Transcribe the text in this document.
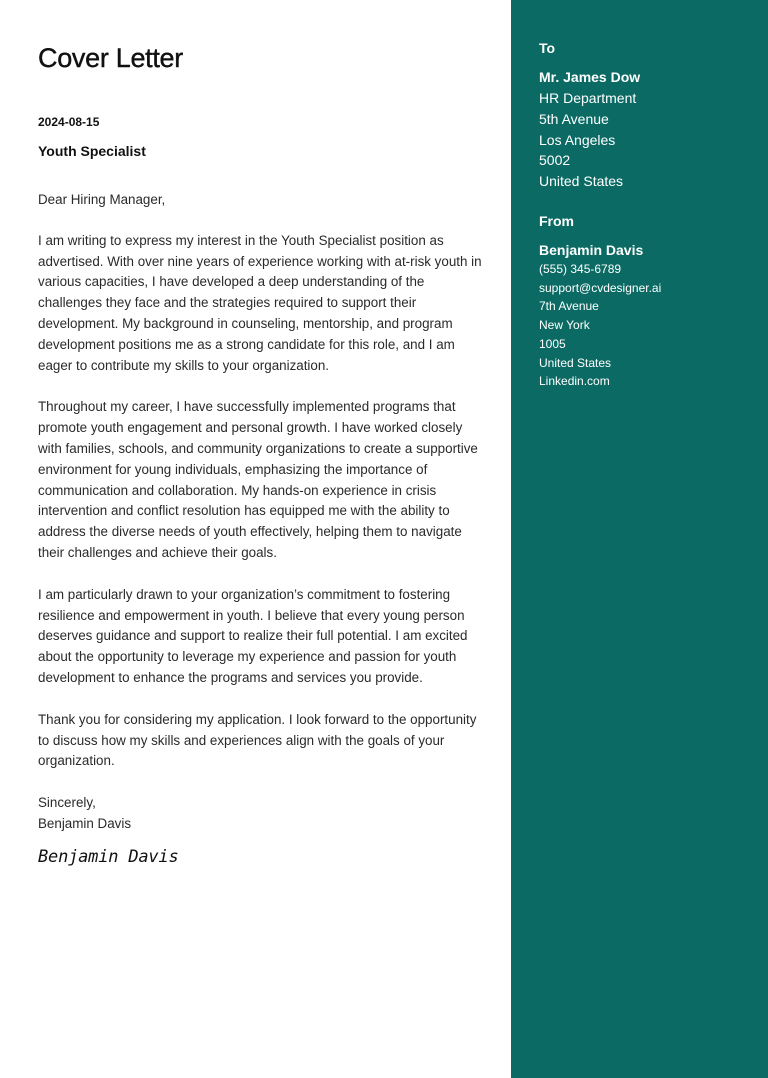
Cover Letter
2024-08-15
Youth Specialist

Dear Hiring Manager,

I am writing to express my interest in the Youth Specialist position as advertised. With over nine years of experience working with at-risk youth in various capacities, I have developed a deep understanding of the challenges they face and the strategies required to support their development. My background in counseling, mentorship, and program development positions me as a strong candidate for this role, and I am eager to contribute my skills to your organization.

Throughout my career, I have successfully implemented programs that promote youth engagement and personal growth. I have worked closely with families, schools, and community organizations to create a supportive environment for young individuals, emphasizing the importance of communication and collaboration. My hands-on experience in crisis intervention and conflict resolution has equipped me with the ability to address the diverse needs of youth effectively, helping them to navigate their challenges and achieve their goals.

I am particularly drawn to your organization’s commitment to fostering resilience and empowerment in youth. I believe that every young person deserves guidance and support to realize their full potential. I am excited about the opportunity to leverage my experience and passion for youth development to enhance the programs and services you provide.

Thank you for considering my application. I look forward to the opportunity to discuss how my skills and experiences align with the goals of your organization.

Sincerely,
Benjamin Davis
Benjamin Davis
To
Mr. James Dow
HR Department
5th Avenue
Los Angeles
5002
United States
From
Benjamin Davis
(555) 345-6789
support@cvdesigner.ai
7th Avenue
New York
1005
United States
Linkedin.com
